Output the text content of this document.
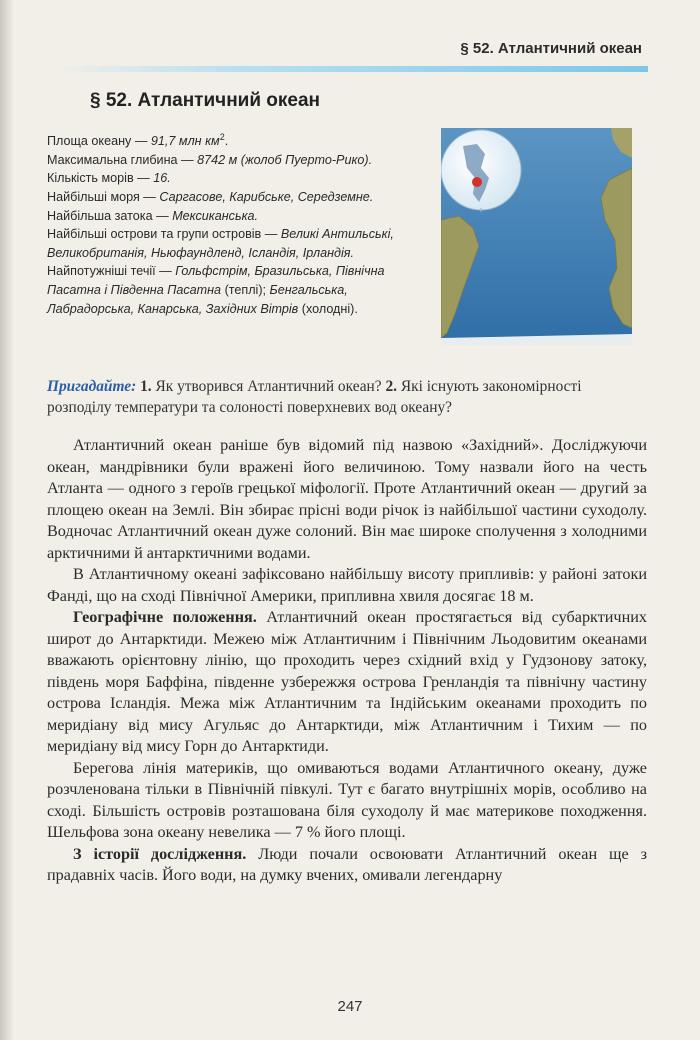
§ 52. Атлантичний океан
§ 52. Атлантичний океан

Площа океану — 91,7 млн $км^2$.

Максимальна глибина — 8742 м (жолоб Пуерто-Рико).

Кількість морів — 16.

Найбільші моря — Саргасове, Карибське, Середземне.

Найбільша затока — Мексиканська.

Найбільші острови та групи островів — Великі Антильські, Великобританія, Ньюфаундленд, Ісландія, Ірландія.

Найпотужніші течії — Гольфстрім, Бразильська, Північна Пасатна і Південна Пасатна (теплі); Бенгальська, Лабрадорська, Канарська, Західних Вітрів (холодні).

Пригадайте: 1. Як утворився Атлантичний океан? 2. Які існують закономірності розподілу температури та солоності поверхневих вод океану?

Атлантичний океан раніше був відомий під назвою «Західний». Досліджуючи океан, мандрівники були вражені його величиною. Тому назвали його на честь Атланта — одного з героїв грецької міфології. Проте Атлантичний океан — другий за площею океан на Землі. Він збирає прісні води річок із найбільшої частини суходолу. Водночас Атлантичний океан дуже солоний. Він має широке сполучення з холодними арктичними й антарктичними водами.

В Атлантичному океані зафіксовано найбільшу висоту припливів: у районі затоки Фанді, що на сході Північної Америки, припливна хвиля досягає 18 м.

Географічне положення. Атлантичний океан простягається від субарктичних широт до Антарктиди. Межею між Атлантичним і Північним Льодовитим океанами вважають орієнтовну лінію, що проходить через східний вхід у Гудзонову затоку, південь моря Баффіна, південне узбережжя острова Гренландія та північну частину острова Ісландія. Межа між Атлантичним та Індійським океанами проходить по меридіану від мису Агульяс до Антарктиди, між Атлантичним і Тихим — по меридіану від мису Горн до Антарктиди.

Берегова лінія материків, що омиваються водами Атлантичного океану, дуже розчленована тільки в Північній півкулі. Тут є багато внутрішніх морів, особливо на сході. Більшість островів розташована біля суходолу й має материкове походження. Шельфова зона океану невелика — 7 % його площі.

З історії дослідження. Люди почали освоювати Атлантичний океан ще з прадавніх часів. Його води, на думку вчених, омивали легендарну

247
